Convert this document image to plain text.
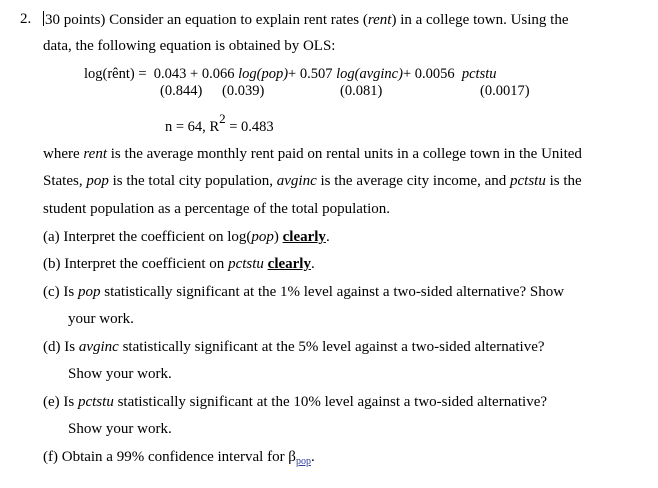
2. 30 points) Consider an equation to explain rent rates (rent) in a college town. Using the
data, the following equation is obtained by OLS:
log(rênt) = 0.043 + 0.066 log(pop)+ 0.507 log(avginc)+ 0.0056 pctstu
(0.844) (0.039)	(0.081)	(0.0017)
n = 64, $R^2 = 0.483$
where rent is the average monthly rent paid on rental units in a college town in the United
States, pop is the total city population, avginc is the average city income, and pctstu is the
student population as a percentage of the total population.
(a) Interpret the coefficient on log(pop) clearly.
(b) Interpret the coefficient on pctstu clearly.
(c) Is pop statistically significant at the 1% level against a two-sided alternative? Show
your work.
(d) Is avginc statistically significant at the 5% level against a two-sided alternative?
Show your work.
(e) Is pctstu statistically significant at the 10% level against a two-sided alternative?
Show your work.
(f) Obtain a 99% confidence interval for $\beta_{pop}$.
